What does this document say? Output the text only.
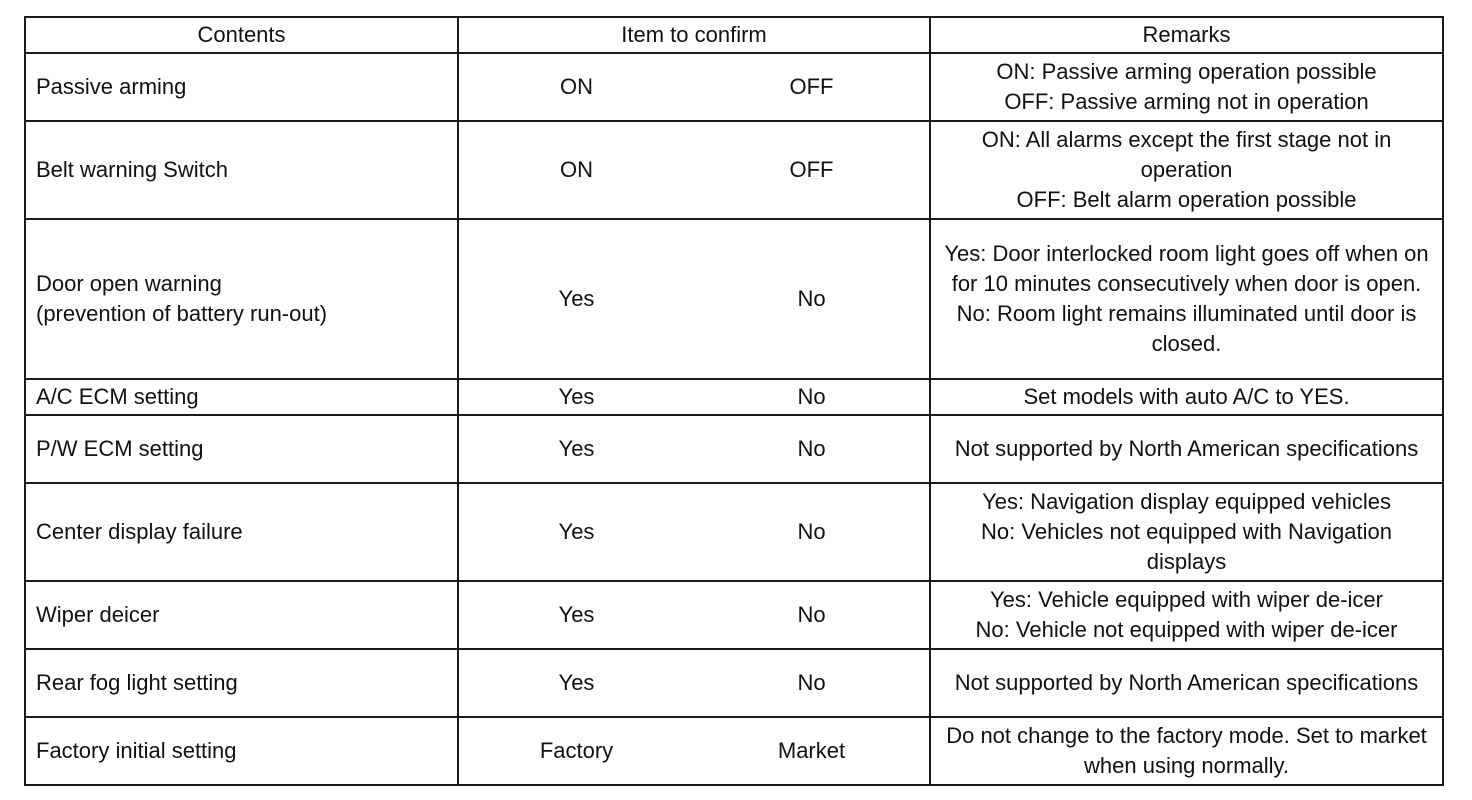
Contents	Item to confirm		Remarks

Passive arming	ON	OFF	ON: Passive arming operation possible
OFF: Passive arming not in operation

Belt warning Switch	ON	OFF	ON: All alarms except the first stage not in operation
OFF: Belt alarm operation possible

Door open warning
(prevention of battery run-out)	Yes	No	Yes: Door interlocked room light goes off when on for 10 minutes consecutively when door is open.
No: Room light remains illuminated until door is closed.

A/C ECM setting	Yes	No	Set models with auto A/C to YES.

P/W ECM setting	Yes	No	Not supported by North American specifications

Center display failure	Yes	No	Yes: Navigation display equipped vehicles
No: Vehicles not equipped with Navigation displays

Wiper deicer	Yes	No	Yes: Vehicle equipped with wiper de-icer
No: Vehicle not equipped with wiper de-icer

Rear fog light setting	Yes	No	Not supported by North American specifications

Factory initial setting	Factory	Market	Do not change to the factory mode. Set to market when using normally.
